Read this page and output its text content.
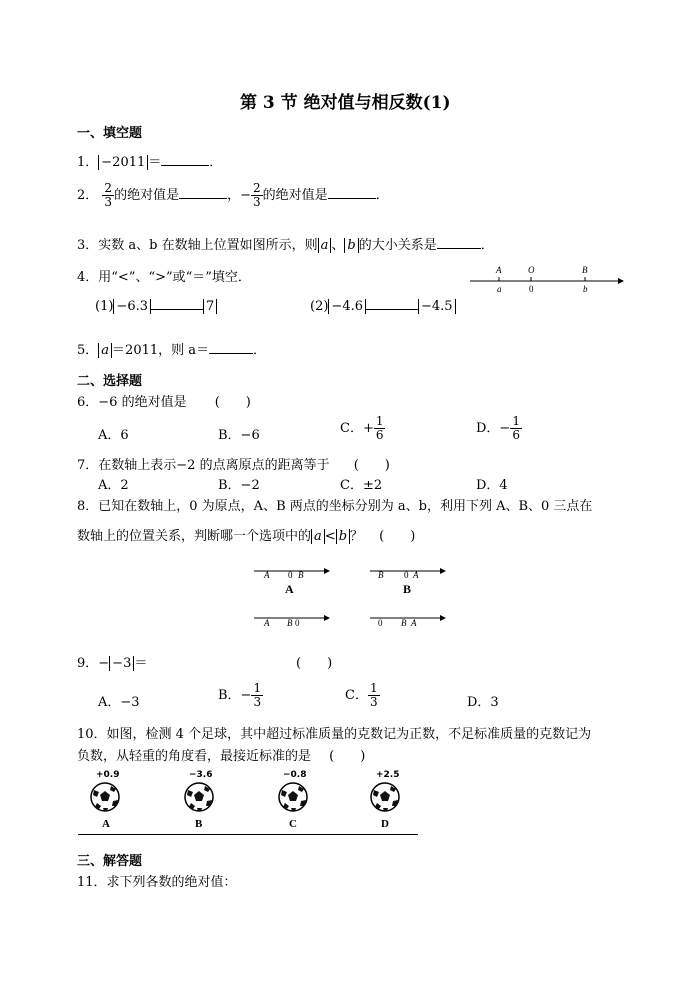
第 3 节 绝对值与相反数(1)
一、填空题
1． −2011 ＝	．
2． $\frac{2}{3}$ 的绝对值是	，− $\frac{2}{3}$ 的绝对值是	．
3．实数 a、b 在数轴上位置如图所示，则 a 、 b 的大小关系是	．
4．用“<”、“>”或“＝”填空．	A	O	B
a	0	b
(1) −6.3	7	(2) −4.6	−4.5
5． a ＝2011，则 a＝	．
二、选择题
6．−6 的绝对值是 (　　)
A．6	B．−6	C．+ $\frac{1}{6}$	D．− $\frac{1}{6}$
7．在数轴上表示−2 的点离原点的距离等于 (　　)
A．2	B．−2	C．±2	D．4
8．已知在数轴上，0 为原点，A、B 两点的坐标分别为 a、b，利用下列 A、B、0 三点在
数轴上的位置关系，判断哪一个选项中的 a < b ？ (　　)
A 0 B
A
B 0 A
B
A B 0	0 B A
9．− −3 ＝	(　　)
A．−3	B．− $\frac{1}{3}$	C． $\frac{1}{3}$	D．3
10．如图，检测 4 个足球，其中超过标准质量的克数记为正数，不足标准质量的克数记为
负数，从轻重的角度看，最接近标准的是 (　　)
+0.9	−3.6	−0.8	+2.5
A	B	C	D
三、解答题
11．求下列各数的绝对值：
